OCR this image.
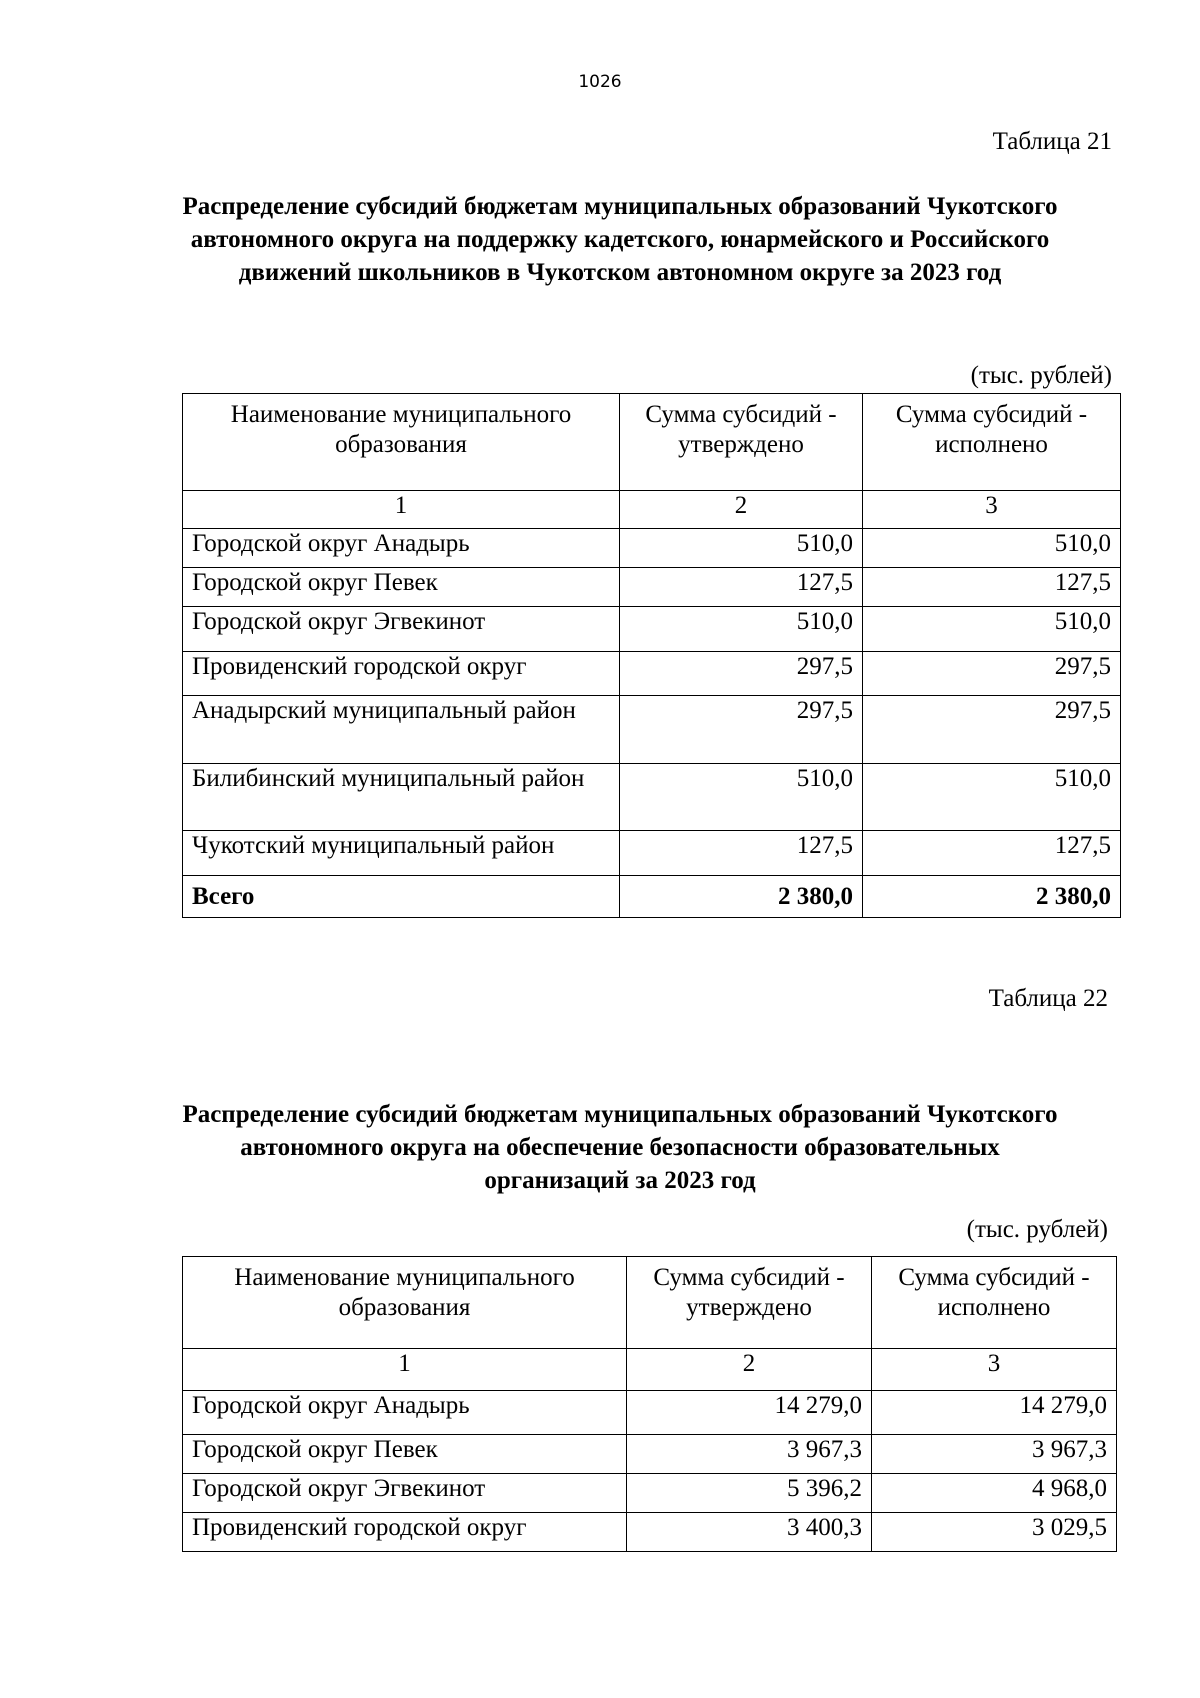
1026
Таблица 21
Распределение субсидий бюджетам муниципальных образований Чукотского автономного округа на поддержку кадетского, юнармейского и Российского движений школьников в Чукотском автономном округе за 2023 год
(тыс. рублей)
Наименование муниципального образования	Сумма субсидий - утверждено	Сумма субсидий - исполнено
1	2	3
Городской округ Анадырь	510,0	510,0
Городской округ Певек	127,5	127,5
Городской округ Эгвекинот	510,0	510,0
Провиденский городской округ	297,5	297,5
Анадырский муниципальный район	297,5	297,5
Билибинский муниципальный район	510,0	510,0
Чукотский муниципальный район	127,5	127,5
Всего	2 380,0	2 380,0
Таблица 22
Распределение субсидий бюджетам муниципальных образований Чукотского автономного округа на обеспечение безопасности образовательных организаций за 2023 год
(тыс. рублей)
Наименование муниципального образования	Сумма субсидий - утверждено	Сумма субсидий - исполнено
1	2	3
Городской округ Анадырь	14 279,0	14 279,0
Городской округ Певек	3 967,3	3 967,3
Городской округ Эгвекинот	5 396,2	4 968,0
Провиденский городской округ	3 400,3	3 029,5
